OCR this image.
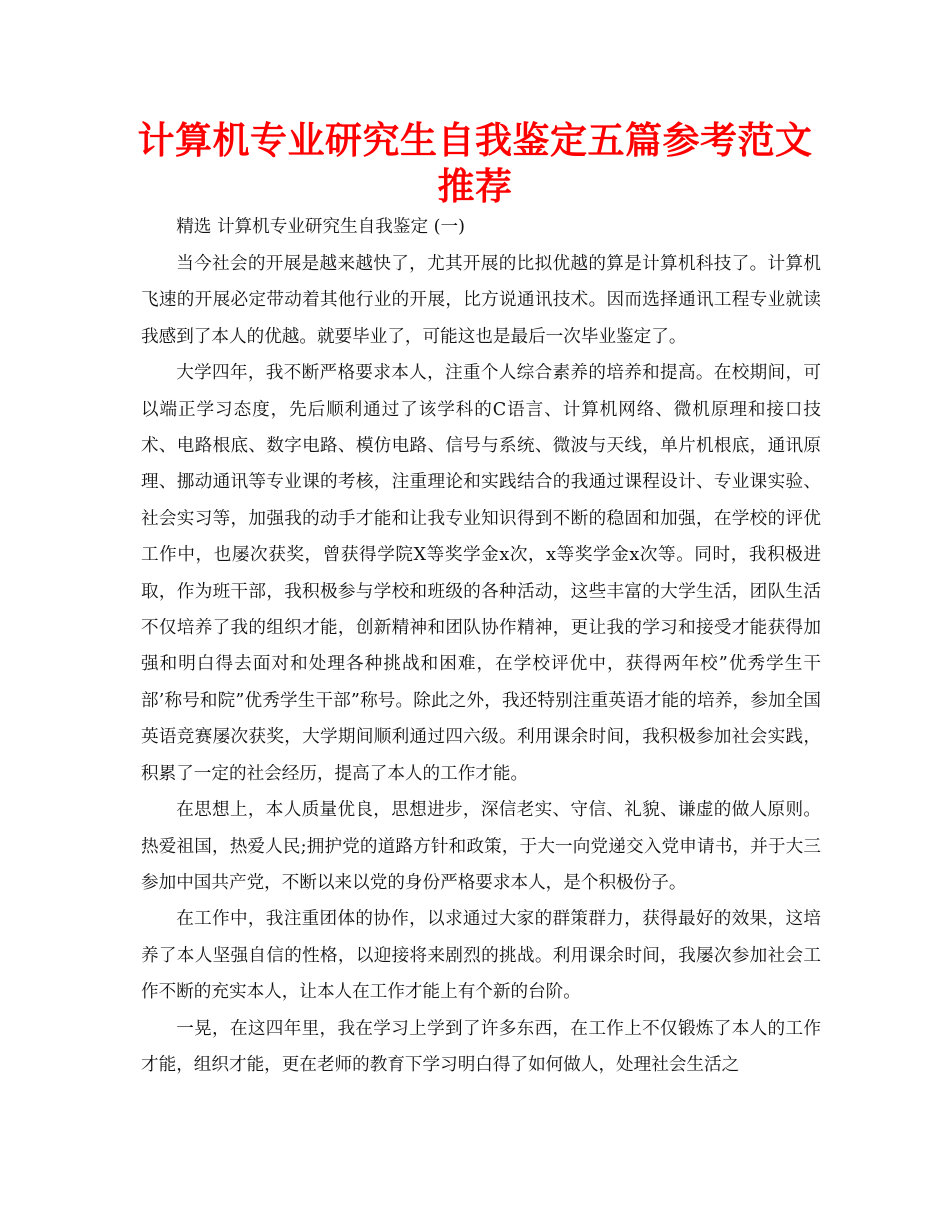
计算机专业研究生自我鉴定五篇参考范文推荐

精选 计算机专业研究生自我鉴定 (一)

当今社会的开展是越来越快了，尤其开展的比拟优越的算是计算机科技了。计算机飞速的开展必定带动着其他行业的开展，比方说通讯技术。因而选择通讯工程专业就读我感到了本人的优越。就要毕业了，可能这也是最后一次毕业鉴定了。

大学四年，我不断严格要求本人，注重个人综合素养的培养和提高。在校期间，可以端正学习态度，先后顺利通过了该学科的C语言、计算机网络、微机原理和接口技术、电路根底、数字电路、模仿电路、信号与系统、微波与天线，单片机根底，通讯原理、挪动通讯等专业课的考核，注重理论和实践结合的我通过课程设计、专业课实验、社会实习等，加强我的动手才能和让我专业知识得到不断的稳固和加强，在学校的评优工作中，也屡次获奖，曾获得学院X等奖学金x次，x等奖学金x次等。同时，我积极进取，作为班干部，我积极参与学校和班级的各种活动，这些丰富的大学生活，团队生活不仅培养了我的组织才能，创新精神和团队协作精神，更让我的学习和接受才能获得加强和明白得去面对和处理各种挑战和困难，在学校评优中，获得两年校”优秀学生干部’称号和院”优秀学生干部”称号。除此之外，我还特别注重英语才能的培养，参加全国英语竞赛屡次获奖，大学期间顺利通过四六级。利用课余时间，我积极参加社会实践，积累了一定的社会经历，提高了本人的工作才能。

在思想上，本人质量优良，思想进步，深信老实、守信、礼貌、谦虚的做人原则。热爱祖国，热爱人民;拥护党的道路方针和政策，于大一向党递交入党申请书，并于大三参加中国共产党，不断以来以党的身份严格要求本人，是个积极份子。

在工作中，我注重团体的协作，以求通过大家的群策群力，获得最好的效果，这培养了本人坚强自信的性格，以迎接将来剧烈的挑战。利用课余时间，我屡次参加社会工作不断的充实本人，让本人在工作才能上有个新的台阶。

一晃，在这四年里，我在学习上学到了许多东西，在工作上不仅锻炼了本人的工作才能，组织才能，更在老师的教育下学习明白得了如何做人，处理社会生活之
